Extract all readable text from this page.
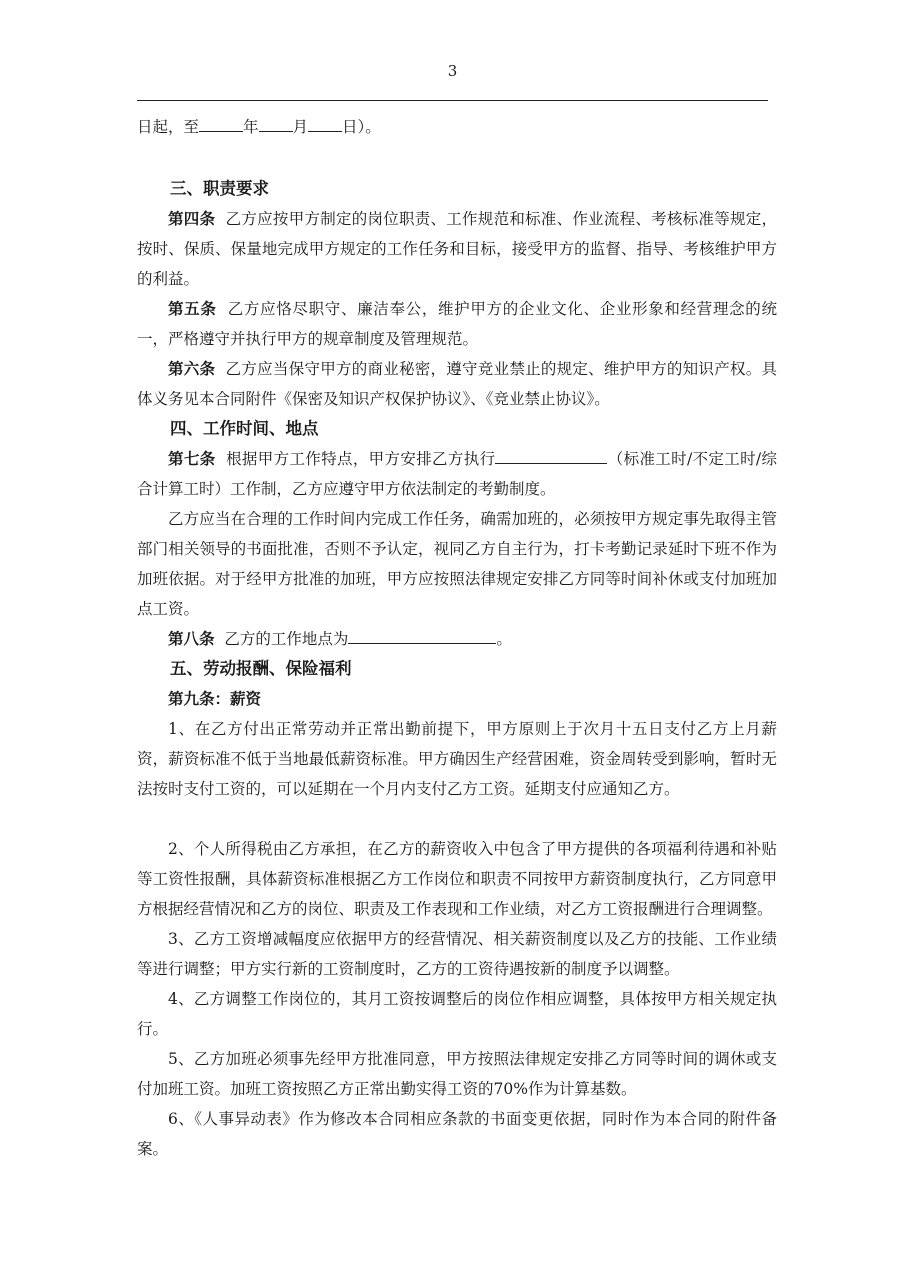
3

日起，至	年 月 日）。

三、职责要求

第四条 乙方应按甲方制定的岗位职责、工作规范和标准、作业流程、考核标准等规定，按时、保质、保量地完成甲方规定的工作任务和目标，接受甲方的监督、指导、考核维护甲方的利益。

第五条 乙方应恪尽职守、廉洁奉公，维护甲方的企业文化、企业形象和经营理念的统一，严格遵守并执行甲方的规章制度及管理规范。

第六条 乙方应当保守甲方的商业秘密，遵守竞业禁止的规定、维护甲方的知识产权。具体义务见本合同附件《保密及知识产权保护协议》、《竞业禁止协议》。

四、工作时间、地点

第七条 根据甲方工作特点，甲方安排乙方执行	（标准工时/不定工时/综合计算工时）工作制，乙方应遵守甲方依法制定的考勤制度。

乙方应当在合理的工作时间内完成工作任务，确需加班的，必须按甲方规定事先取得主管部门相关领导的书面批准，否则不予认定，视同乙方自主行为，打卡考勤记录延时下班不作为加班依据。对于经甲方批准的加班，甲方应按照法律规定安排乙方同等时间补休或支付加班加点工资。

第八条 乙方的工作地点为	。

五、劳动报酬、保险福利

第九条：薪资

1、在乙方付出正常劳动并正常出勤前提下，甲方原则上于次月十五日支付乙方上月薪资，薪资标准不低于当地最低薪资标准。甲方确因生产经营困难，资金周转受到影响，暂时无法按时支付工资的，可以延期在一个月内支付乙方工资。延期支付应通知乙方。

2、个人所得税由乙方承担，在乙方的薪资收入中包含了甲方提供的各项福利待遇和补贴等工资性报酬，具体薪资标准根据乙方工作岗位和职责不同按甲方薪资制度执行，乙方同意甲方根据经营情况和乙方的岗位、职责及工作表现和工作业绩，对乙方工资报酬进行合理调整。

3、乙方工资增减幅度应依据甲方的经营情况、相关薪资制度以及乙方的技能、工作业绩等进行调整；甲方实行新的工资制度时，乙方的工资待遇按新的制度予以调整。

4、乙方调整工作岗位的，其月工资按调整后的岗位作相应调整，具体按甲方相关规定执行。

5、乙方加班必须事先经甲方批准同意，甲方按照法律规定安排乙方同等时间的调休或支付加班工资。加班工资按照乙方正常出勤实得工资的70%作为计算基数。

6、《人事异动表》作为修改本合同相应条款的书面变更依据，同时作为本合同的附件备案。
